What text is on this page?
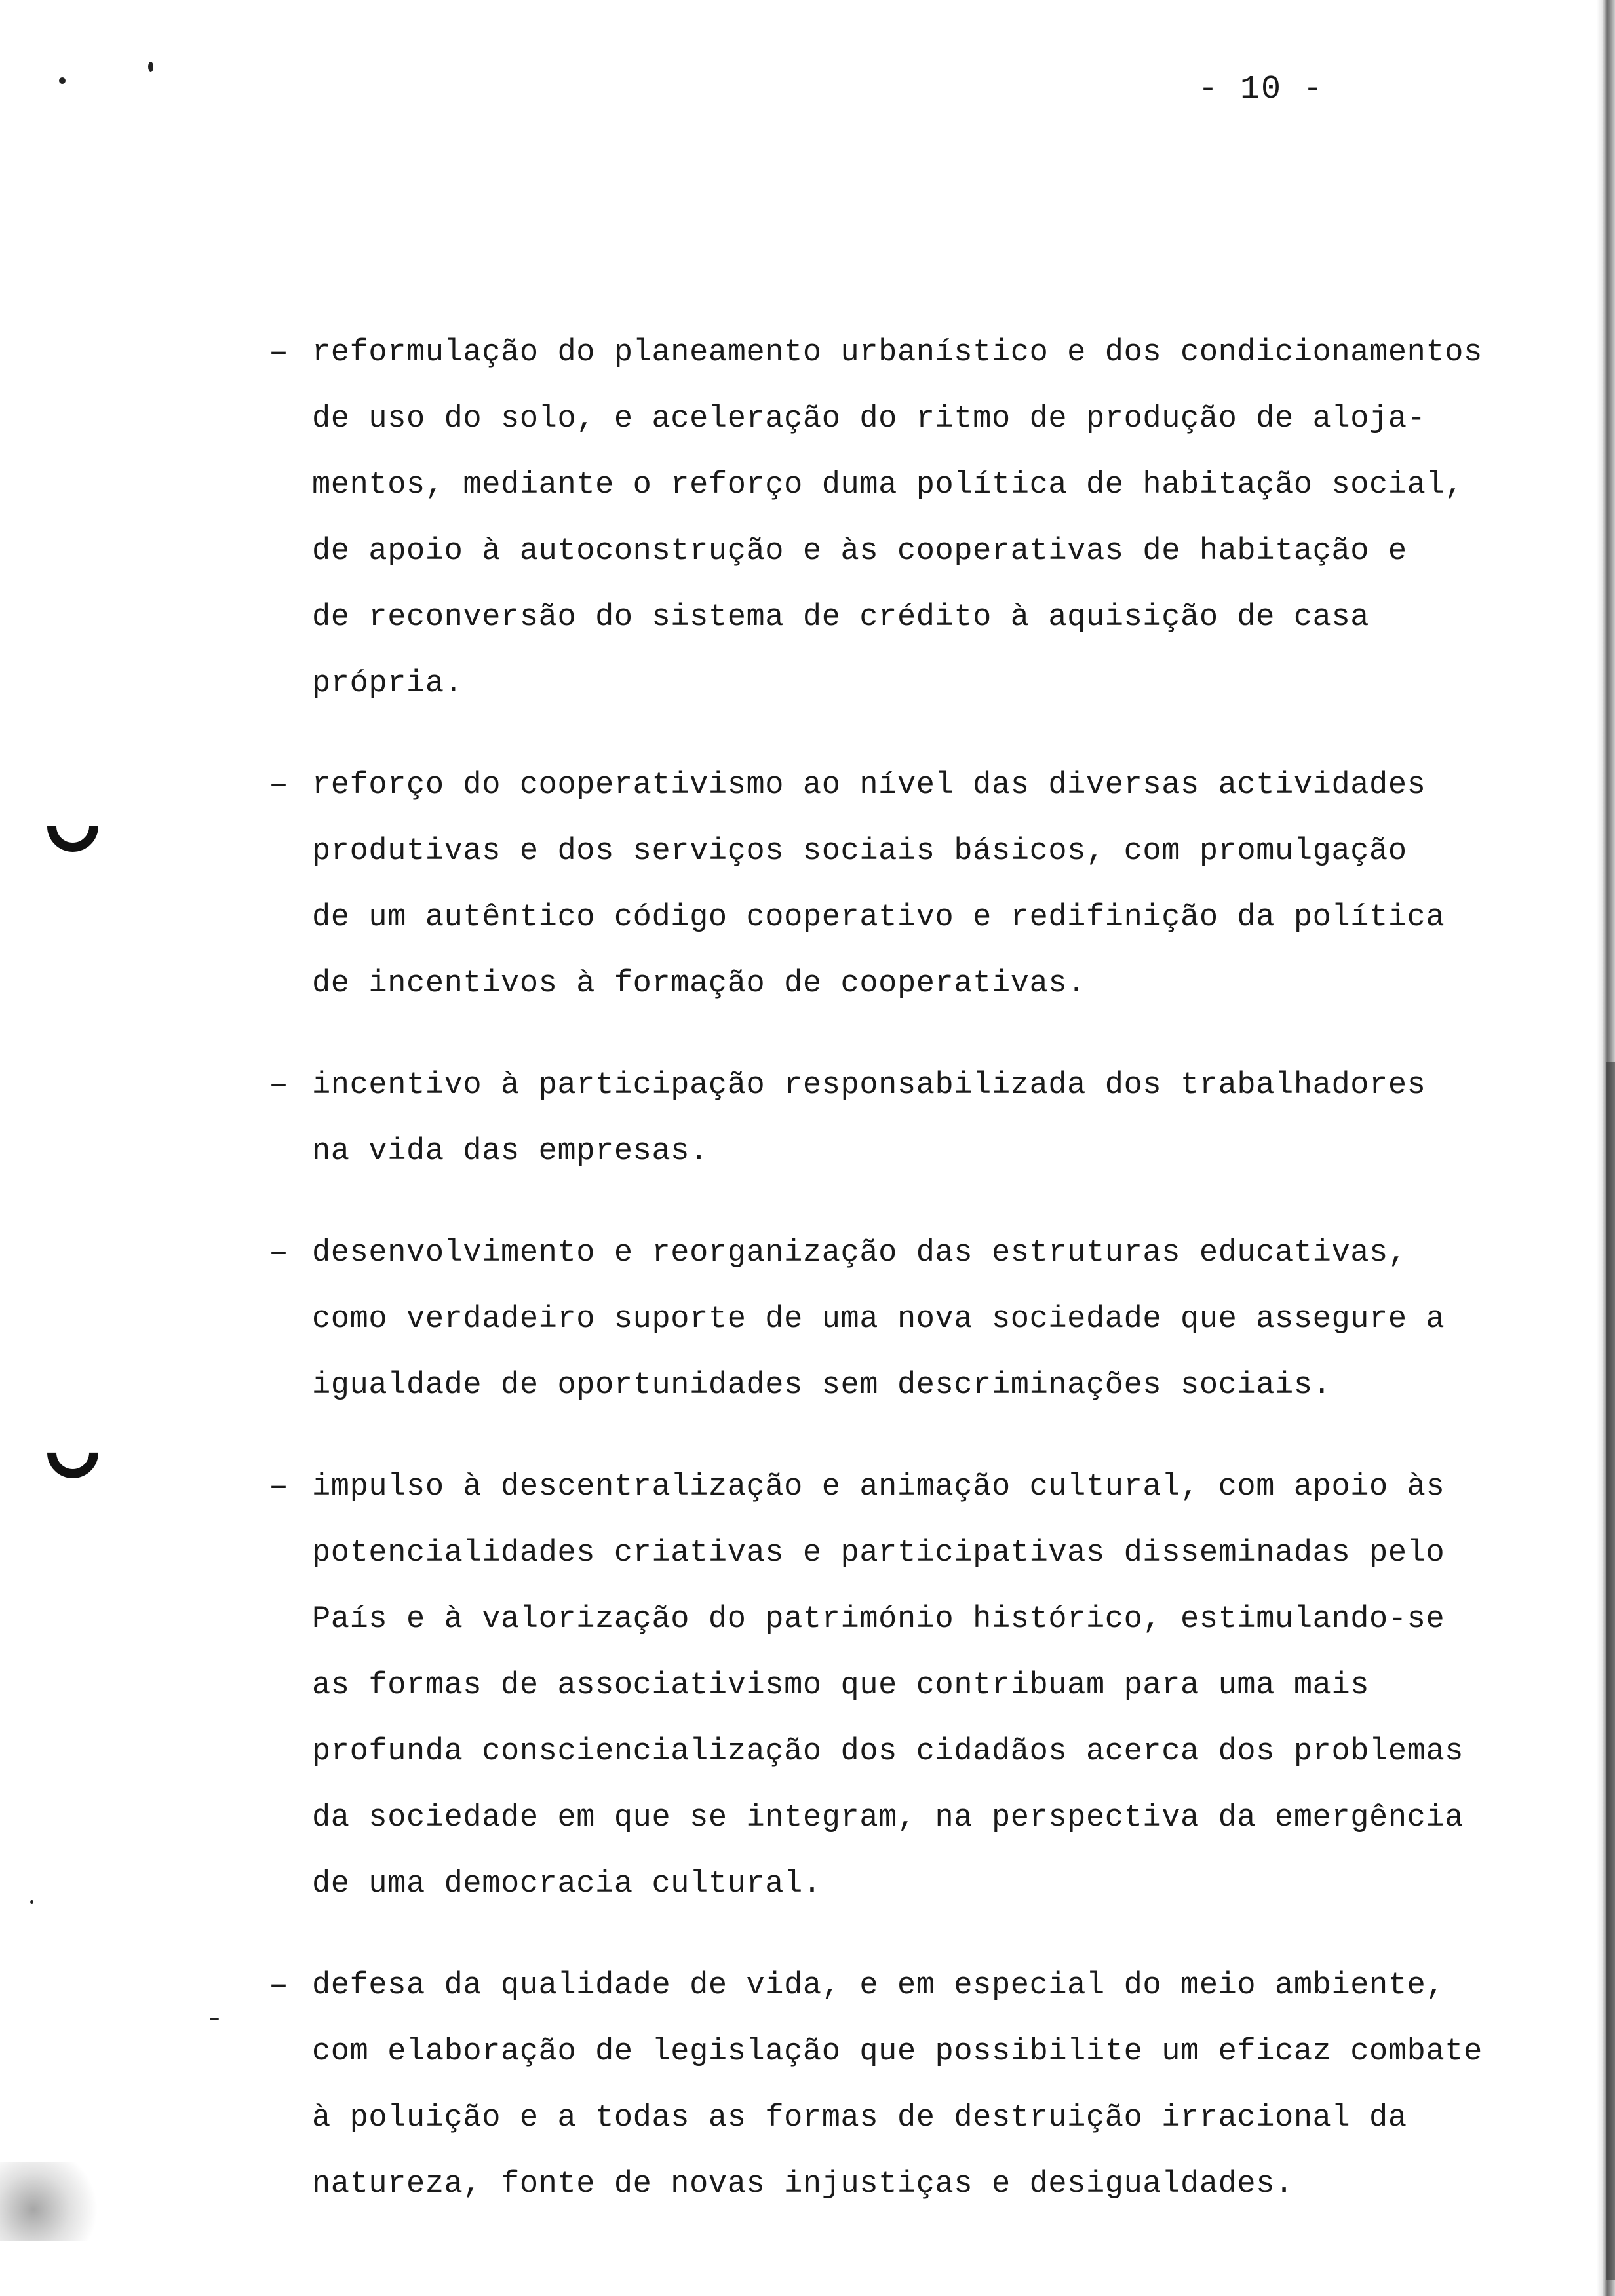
- 10 -
– reformulação do planeamento urbanístico e dos condicionamentos
de uso do solo, e aceleração do ritmo de produção de aloja-
mentos, mediante o reforço duma política de habitação social,
de apoio à autoconstrução e às cooperativas de habitação e
de reconversão do sistema de crédito à aquisição de casa
própria.
– reforço do cooperativismo ao nível das diversas actividades
produtivas e dos serviços sociais básicos, com promulgação
de um autêntico código cooperativo e redifinição da política
de incentivos à formação de cooperativas.
– incentivo à participação responsabilizada dos trabalhadores
na vida das empresas.
– desenvolvimento e reorganização das estruturas educativas,
como verdadeiro suporte de uma nova sociedade que assegure a
igualdade de oportunidades sem descriminações sociais.
– impulso à descentralização e animação cultural, com apoio às
potencialidades criativas e participativas disseminadas pelo
País e à valorização do património histórico, estimulando-se
as formas de associativismo que contribuam para uma mais
profunda consciencialização dos cidadãos acerca dos problemas
da sociedade em que se integram, na perspectiva da emergência
de uma democracia cultural.
– defesa da qualidade de vida, e em especial do meio ambiente,
com elaboração de legislação que possibilite um eficaz combate
à poluição e a todas as formas de destruição irracional da
natureza, fonte de novas injustiças e desigualdades.
